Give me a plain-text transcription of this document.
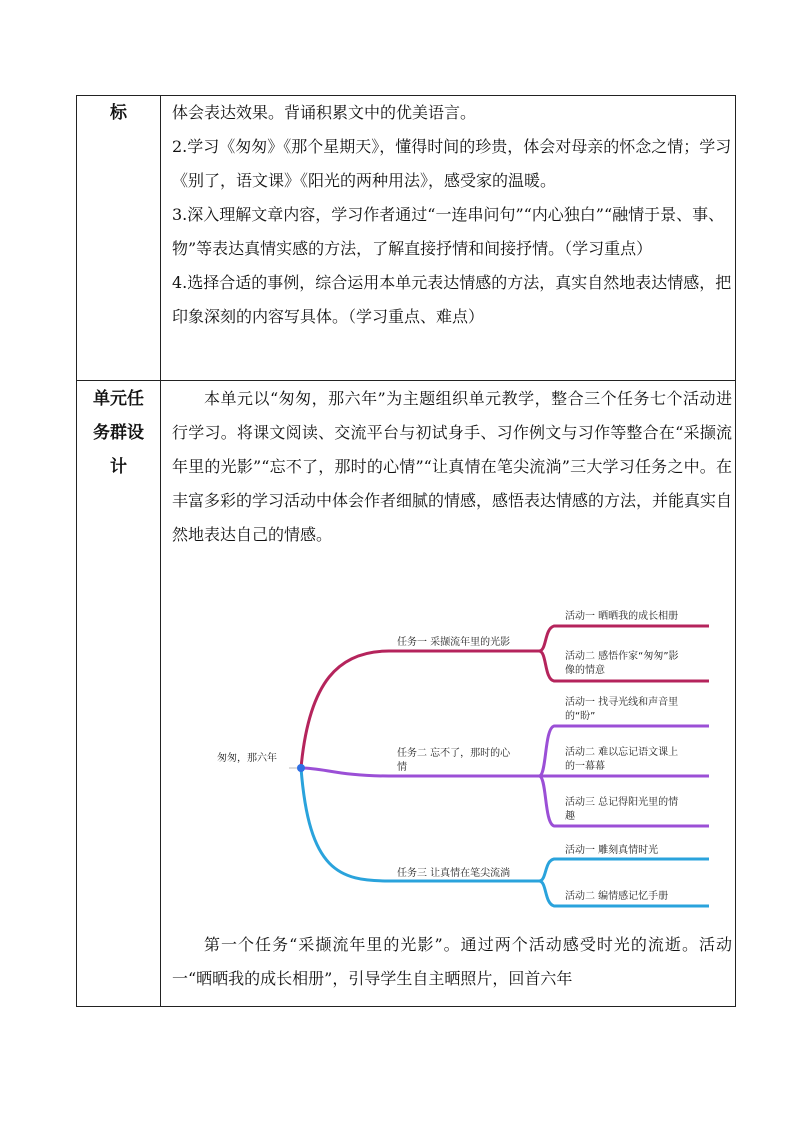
标
单元任
务群设
计
体会表达效果。背诵积累文中的优美语言。
2.学习《匆匆》《那个星期天》，懂得时间的珍贵，体会对母亲的怀念之情；学习《别了，语文课》《阳光的两种用法》，感受家的温暖。
3.深入理解文章内容，学习作者通过“一连串问句”“内心独白”“融情于景、事、物”等表达真情实感的方法，了解直接抒情和间接抒情。（学习重点）
4.选择合适的事例，综合运用本单元表达情感的方法，真实自然地表达情感，把印象深刻的内容写具体。（学习重点、难点）
本单元以“匆匆，那六年”为主题组织单元教学，整合三个任务七个活动进行学习。将课文阅读、交流平台与初试身手、习作例文与习作等整合在“采撷流年里的光影”“忘不了，那时的心情”“让真情在笔尖流淌”三大学习任务之中。在丰富多彩的学习活动中体会作者细腻的情感，感悟表达情感的方法，并能真实自然地表达自己的情感。
匆匆，那六年
任务一 采撷流年里的光影
活动一 晒晒我的成长相册
活动二 感悟作家“匆匆”影
像的情意
任务二 忘不了，那时的心
情
活动一 找寻光线和声音里
的“盼”
活动二 难以忘记语文课上
的一幕幕
活动三 总记得阳光里的情
趣
任务三 让真情在笔尖流淌
活动一 雕刻真情时光
活动二 编情感记忆手册
第一个任务“采撷流年里的光影”。通过两个活动感受时光的流逝。活动一“晒晒我的成长相册”，引导学生自主晒照片，回首六年
